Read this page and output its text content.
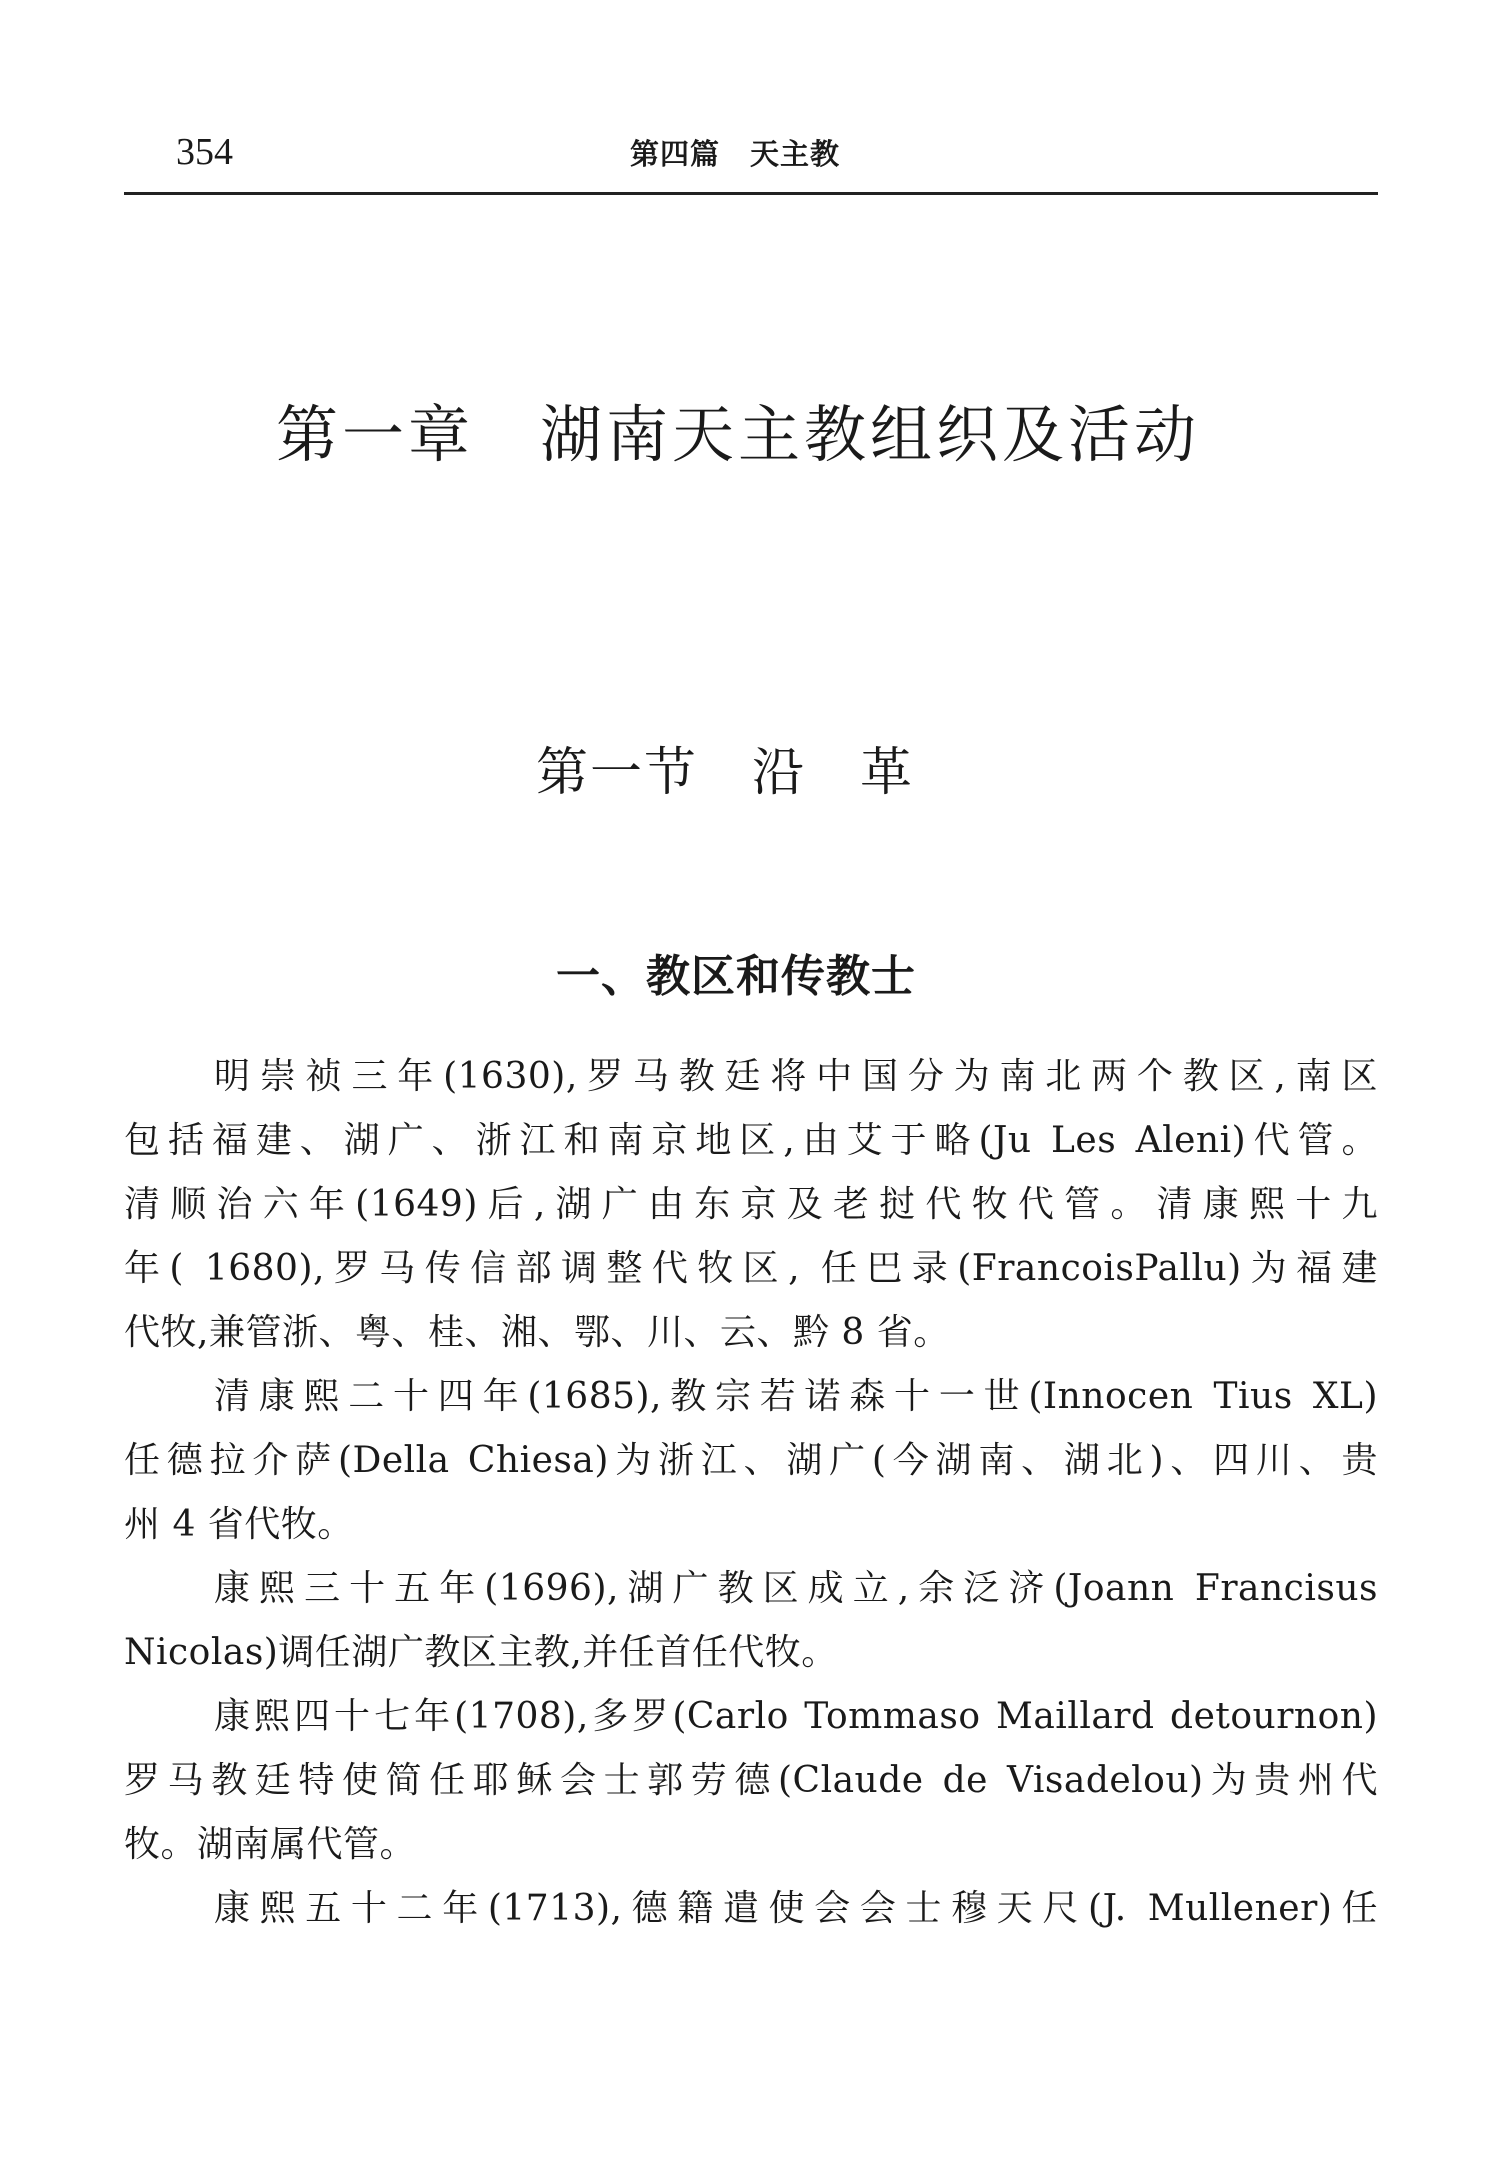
354	第四篇　天主教
第一章　湖南天主教组织及活动
第一节　沿　革
一、教区和传教士
明崇祯三年(1630),罗马教廷将中国分为南北两个教区,南区
包括福建、湖广、浙江和南京地区,由艾于略(Ju Les Aleni)代管。
清顺治六年(1649)后,湖广由东京及老挝代牧代管。清康熙十九
年( 1680),罗马传信部调整代牧区, 任巴录(FrancoisPallu)为福建
代牧,兼管浙、粤、桂、湘、鄂、川、云、黔 8 省。
清康熙二十四年(1685),教宗若诺森十一世(Innocen Tius XL)
任德拉介萨(Della Chiesa)为浙江、湖广(今湖南、湖北)、四川、贵
州 4 省代牧。
康熙三十五年(1696),湖广教区成立,余泛济(Joann Francisus
Nicolas)调任湖广教区主教,并任首任代牧。
康熙四十七年(1708),多罗(Carlo Tommaso Maillard detournon)
罗马教廷特使简任耶稣会士郭劳德(Claude de Visadelou)为贵州代
牧。湖南属代管。
康熙五十二年(1713),德籍遣使会会士穆天尺(J. Mullener)任
